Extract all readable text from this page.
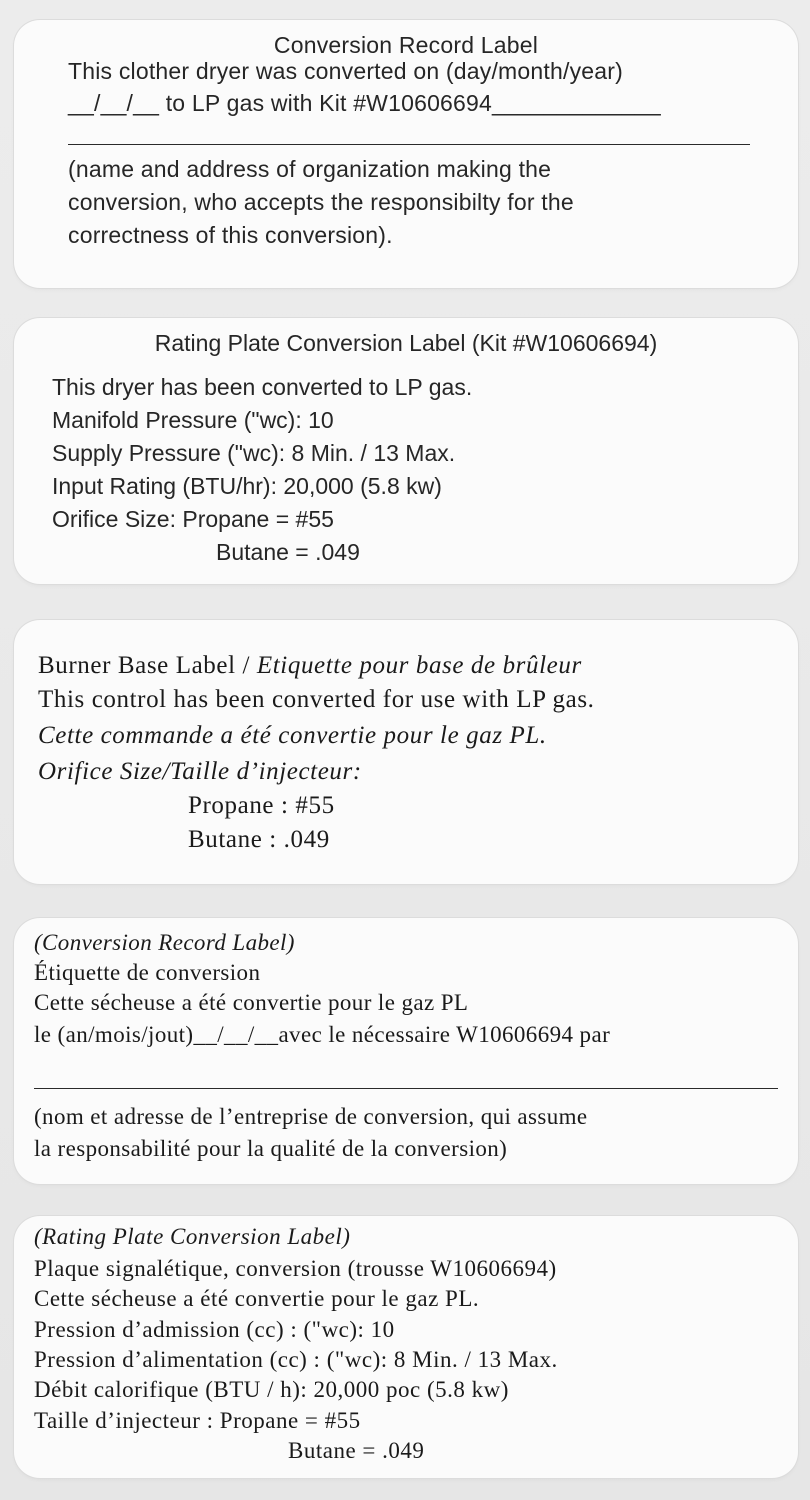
Conversion Record Label
This clother dryer was converted on (day/month/year)
__/__/__ to LP gas with Kit #W10606694_____________
(name and address of organization making the
conversion, who accepts the responsibilty for the
correctness of this conversion).
Rating Plate Conversion Label (Kit #W10606694)
This dryer has been converted to LP gas.
Manifold Pressure ("wc): 10
Supply Pressure ("wc): 8 Min. / 13 Max.
Input Rating (BTU/hr): 20,000 (5.8 kw)
Orifice Size: Propane = #55
Butane = .049
Burner Base Label / Etiquette pour base de brûleur
This control has been converted for use with LP gas.
Cette commande a été convertie pour le gaz PL.
Orifice Size/Taille d’injecteur:
Propane : #55
Butane : .049
(Conversion Record Label)
Étiquette de conversion
Cette sécheuse a été convertie pour le gaz PL
le (an/mois/jout)__/__/__avec le nécessaire W10606694 par
(nom et adresse de l’entreprise de conversion, qui assume
la responsabilité pour la qualité de la conversion)
(Rating Plate Conversion Label)
Plaque signalétique, conversion (trousse W10606694)
Cette sécheuse a été convertie pour le gaz PL.
Pression d’admission (cc) : ("wc): 10
Pression d’alimentation (cc) : ("wc): 8 Min. / 13 Max.
Débit calorifique (BTU / h): 20,000 poc (5.8 kw)
Taille d’injecteur : Propane = #55
Butane = .049
